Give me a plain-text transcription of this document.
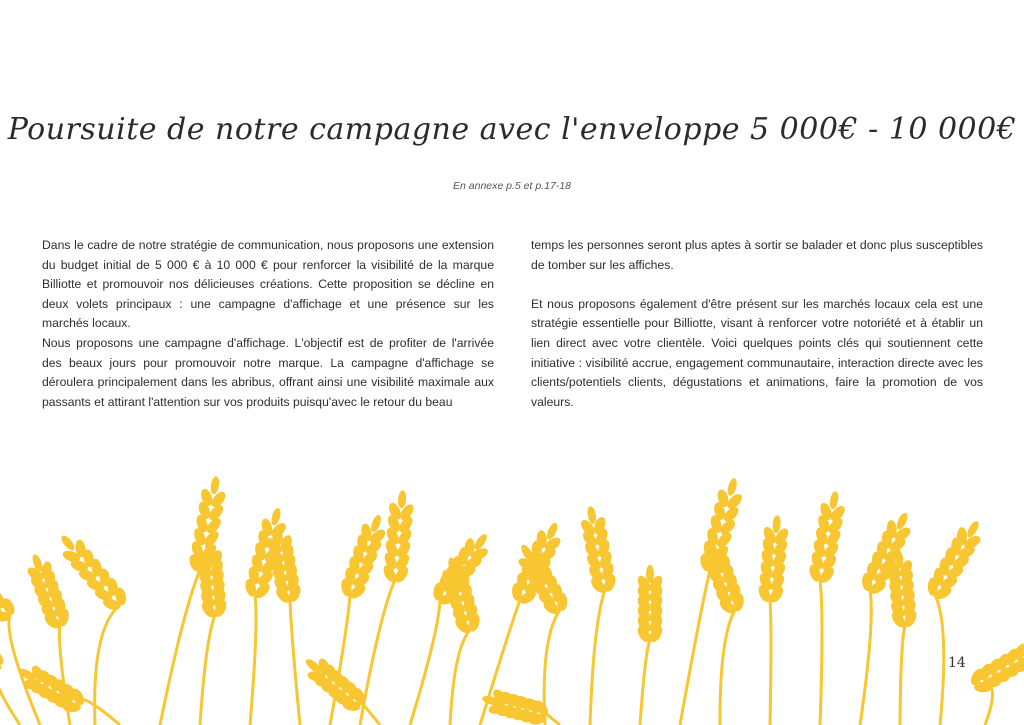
Poursuite de notre campagne avec l'enveloppe 5 000€ - 10 000€
En annexe p.5 et p.17-18

Dans le cadre de notre stratégie de communication, nous proposons une extension du budget initial de 5 000 € à 10 000 € pour renforcer la visibilité de la marque Billiotte et promouvoir nos délicieuses créations. Cette proposition se décline en deux volets principaux : une campagne d'affichage et une présence sur les marchés locaux.

Nous proposons une campagne d'affichage. L'objectif est de profiter de l'arrivée des beaux jours pour promouvoir notre marque. La campagne d'affichage se déroulera principalement dans les abribus, offrant ainsi une visibilité maximale aux passants et attirant l'attention sur vos produits puisqu'avec le retour du beau

temps les personnes seront plus aptes à sortir se balader et donc plus susceptibles de tomber sur les affiches.

Et nous proposons également d'être présent sur les marchés locaux cela est une stratégie essentielle pour Billiotte, visant à renforcer votre notoriété et à établir un lien direct avec votre clientèle. Voici quelques points clés qui soutiennent cette initiative : visibilité accrue, engagement communautaire, interaction directe avec les clients/potentiels clients, dégustations et animations, faire la promotion de vos valeurs.

14
